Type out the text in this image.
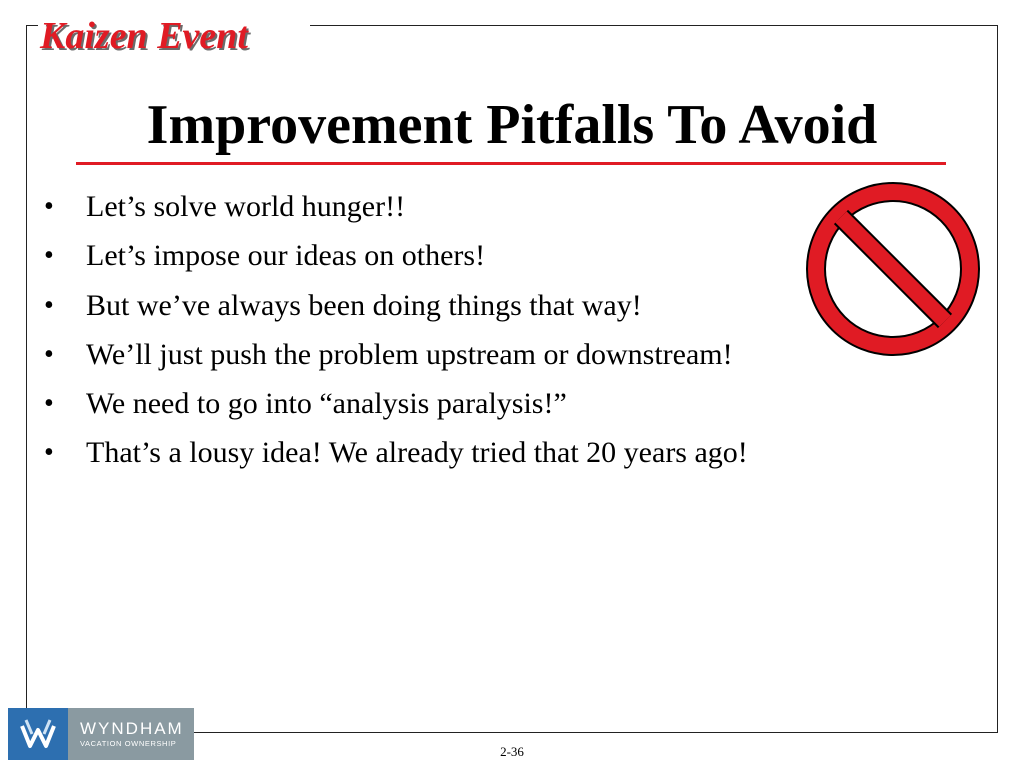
Kaizen Event
Improvement Pitfalls To Avoid
• Let’s solve world hunger!!
• Let’s impose our ideas on others!
• But we’ve always been doing things that way!
• We’ll just push the problem upstream or downstream!
• We need to go into “analysis paralysis!”
• That’s a lousy idea! We already tried that 20 years ago!
WYNDHAM
VACATION OWNERSHIP
2-36
